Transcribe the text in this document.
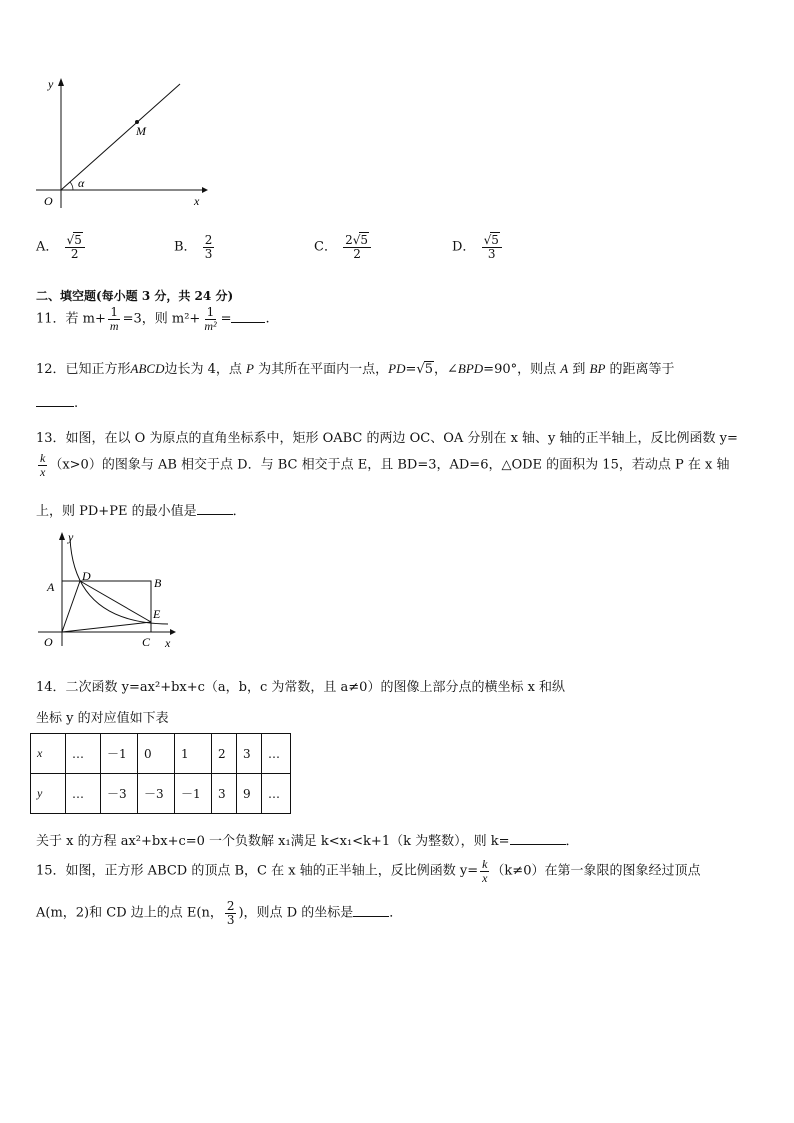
y
x
O
M
α
A． $\frac{√5}{2}$	B． $\frac{2}{3}$	C． $\frac{2√5}{2}$	D． $\frac{√5}{3}$
二、填空题(每小题 3 分，共 24 分)
11．若 $m+ \frac{1}{m} =3$，则 $m^2+ \frac{1}{\text{m²}}$ =	.
12．已知正方形ABCD边长为 4，点 P 为其所在平面内一点，PD=√5，∠BPD=90°，则点 A 到 BP 的距离等于
.
13．如图，在以 O 为原点的直角坐标系中，矩形 OABC 的两边 OC、OA 分别在 x 轴、y 轴的正半轴上，反比例函数 y=
$\frac{k}{x} (x>0)$的图象与 AB 相交于点 D．与 BC 相交于点 E，且 BD=3，AD=6，△ODE 的面积为 15，若动点 P 在 x 轴
上，则 PD+PE 的最小值是	．
y
A
D	B
E
O	C x
14．二次函数 y=ax²+bx+c（a，b，c 为常数，且 a≠0）的图像上部分点的横坐标 x 和纵
坐标 y 的对应值如下表
x	…	－1	0	1	2	3	…
y	…	－3	－3	－1	3	9	…
关于 x 的方程 ax²+bx+c=0 一个负数解 x₁满足 k<x₁<k+1（k 为整数），则 k=	．
15．如图，正方形 ABCD 的顶点 B，C 在 x 轴的正半轴上，反比例函数 $y= \frac{k}{x} (k\ne 0)$在第一象限的图象经过顶点
A(m，2)和 CD 边上的点 E(n， $\frac{2}{3}$ )，则点 D 的坐标是	．
